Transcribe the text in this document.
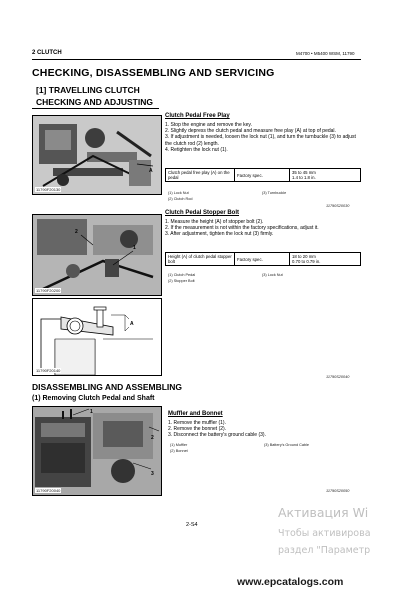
2 CLUTCH	M4700 • M5400 WSM, 11790
CHECKING, DISASSEMBLING AND SERVICING
[1] TRAVELLING CLUTCH
CHECKING AND ADJUSTING
A
11790F20130
Clutch Pedal Free Play
1. Stop the engine and remove the key.
2. Slightly depress the clutch pedal and measure free play (A) at top of pedal.
3. If adjustment is needed, loosen the lock nut (1), and turn the turnbuckle (3) to adjust the clutch rod (2) length.
4. Retighten the lock nut (1).
Clutch pedal free play (A) on the pedal	Factory spec.	35 to 45 mm
1.4 to 1.8 in.
(1) Lock Nut
(2) Clutch Rod
(3) Turnbuckle
11790S20030
1
2
11790F20200
Clutch Pedal Stopper Bolt
1. Measure the height (A) of stopper bolt (2).
2. If the measurement is not within the factory specifications, adjust it.
3. After adjustment, tighten the lock nut (3) firmly.
Height (A) of clutch pedal stopper bolt	Factory spec.	18 to 20 mm
0.70 to 0.79 in.
(1) Clutch Pedal
(2) Stopper Bolt
(3) Lock Nut
A
11790F20140
11790S20040
DISASSEMBLING AND ASSEMBLING
(1) Removing Clutch Pedal and Shaft
2
1
3
11790F20040
Muffler and Bonnet
1. Remove the muffler (1).
2. Remove the bonnet (2).
3. Disconnect the battery's ground cable (3).
(1) Muffler
(2) Bonnet
(3) Battery's Ground Cable
11790S20050
2-S4
Активация Wi
Чтобы активирова
раздел "Параметр
www.epcatalogs.com
